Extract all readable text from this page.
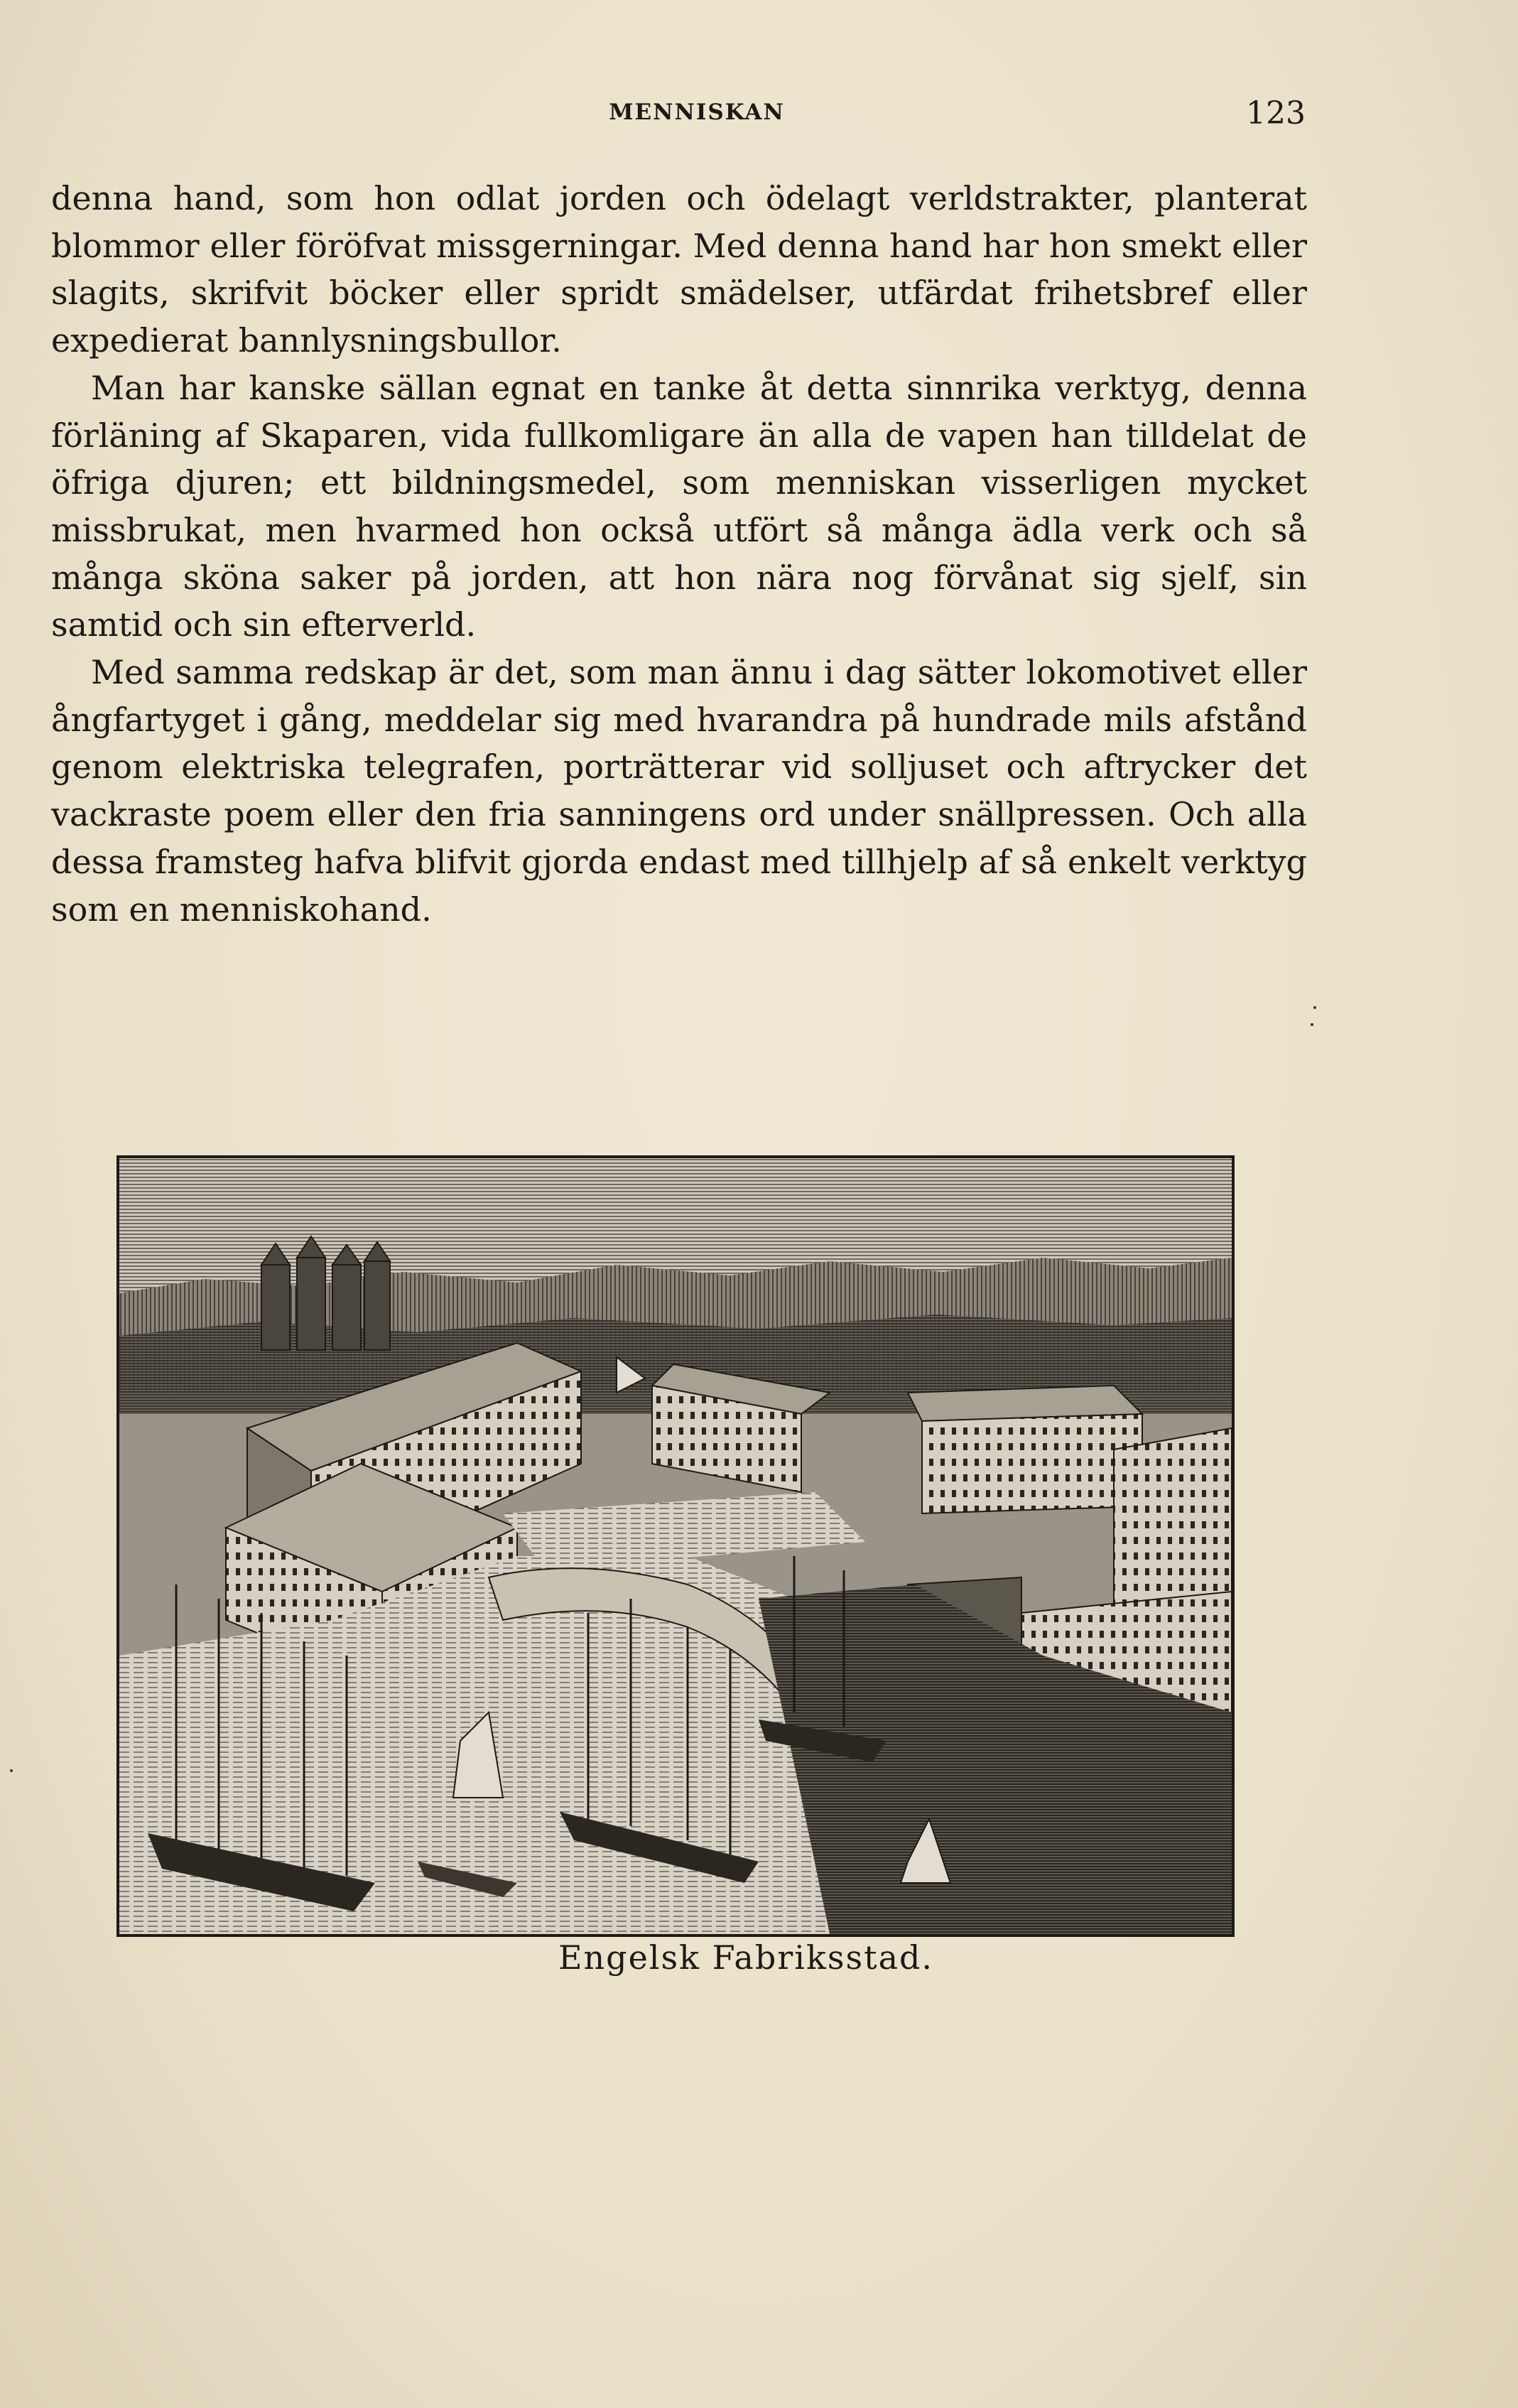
MENNISKAN	123

denna hand, som hon odlat jorden och ödelagt verldstrakter, planterat blommor eller föröfvat missgerningar. Med denna hand har hon smekt eller slagits, skrifvit böcker eller spridt smädelser, utfärdat frihetsbref eller expedierat bannlysningsbullor.

Man har kanske sällan egnat en tanke åt detta sinnrika verktyg, denna förläning af Skaparen, vida fullkomligare än alla de vapen han tilldelat de öfriga djuren; ett bildningsmedel, som menniskan visserligen mycket missbrukat, men hvarmed hon också utfört så många ädla verk och så många sköna saker på jorden, att hon nära nog förvånat sig sjelf, sin samtid och sin efterverld.

Med samma redskap är det, som man ännu i dag sätter lokomotivet eller ångfartyget i gång, meddelar sig med hvarandra på hundrade mils afstånd genom elektriska telegrafen, porträtterar vid solljuset och aftrycker det vackraste poem eller den fria sanningens ord under snällpressen. Och alla dessa framsteg hafva blifvit gjorda endast med tillhjelp af så enkelt verktyg som en menniskohand.

Engelsk Fabriksstad.
